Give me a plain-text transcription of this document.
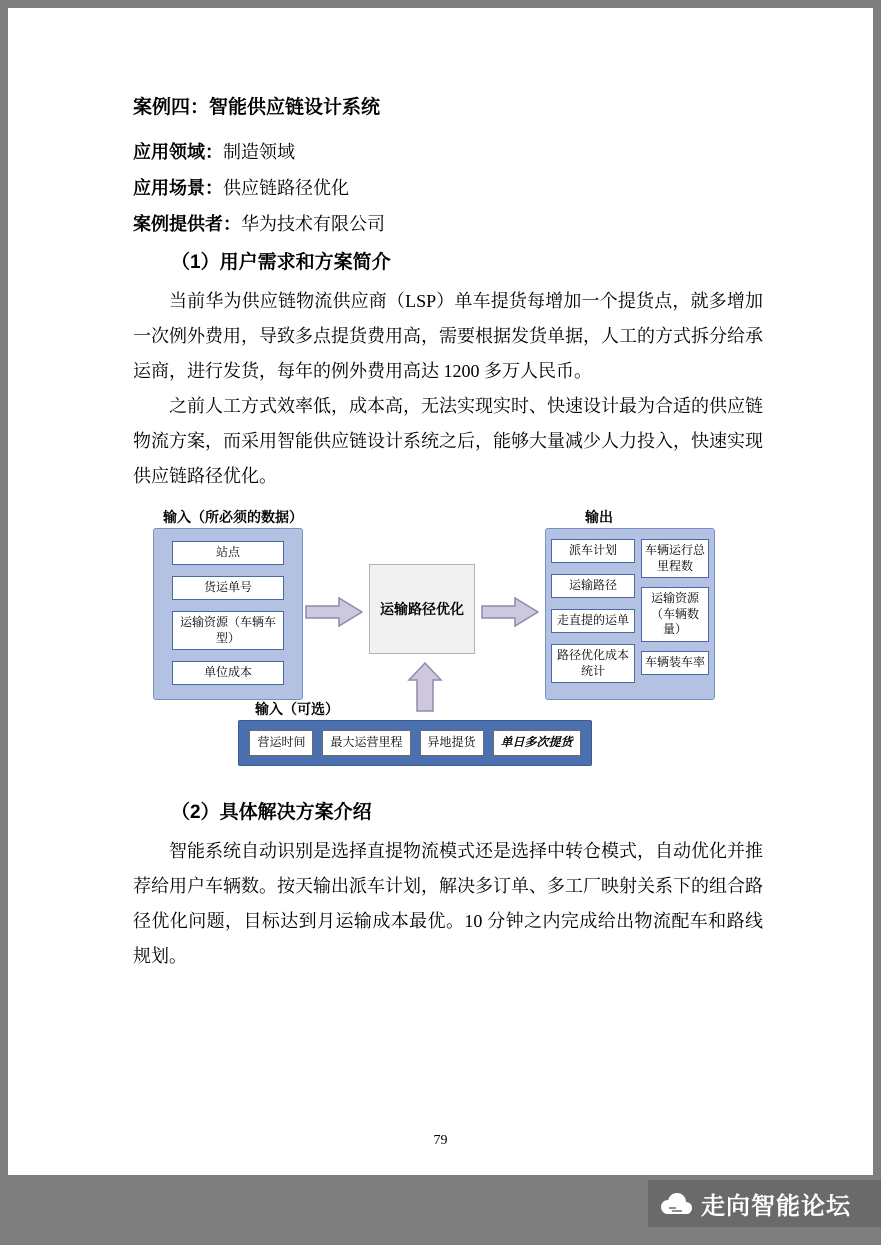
案例四：智能供应链设计系统

应用领域：制造领域

应用场景：供应链路径优化

案例提供者：华为技术有限公司

（1）用户需求和方案简介

当前华为供应链物流供应商（LSP）单车提货每增加一个提货点，就多增加一次例外费用，导致多点提货费用高，需要根据发货单据，人工的方式拆分给承运商，进行发货，每年的例外费用高达 1200 多万人民币。

之前人工方式效率低，成本高，无法实现实时、快速设计最为合适的供应链物流方案，而采用智能供应链设计系统之后，能够大量减少人力投入，快速实现供应链路径优化。

输入（所必须的数据）
站点
货运单号
运输资源（车辆车型）
单位成本
运输路径优化
输出
派车计划
运输路径
走直提的运单
路径优化成本统计
车辆运行总里程数
运输资源（车辆数量）
车辆装车率
输入（可选）
营运时间	最大运营里程	异地提货	单日多次提货

（2）具体解决方案介绍

智能系统自动识别是选择直提物流模式还是选择中转仓模式，自动优化并推荐给用户车辆数。按天输出派车计划，解决多订单、多工厂映射关系下的组合路径优化问题，目标达到月运输成本最优。10 分钟之内完成给出物流配车和路线规划。

79
走向智能论坛
